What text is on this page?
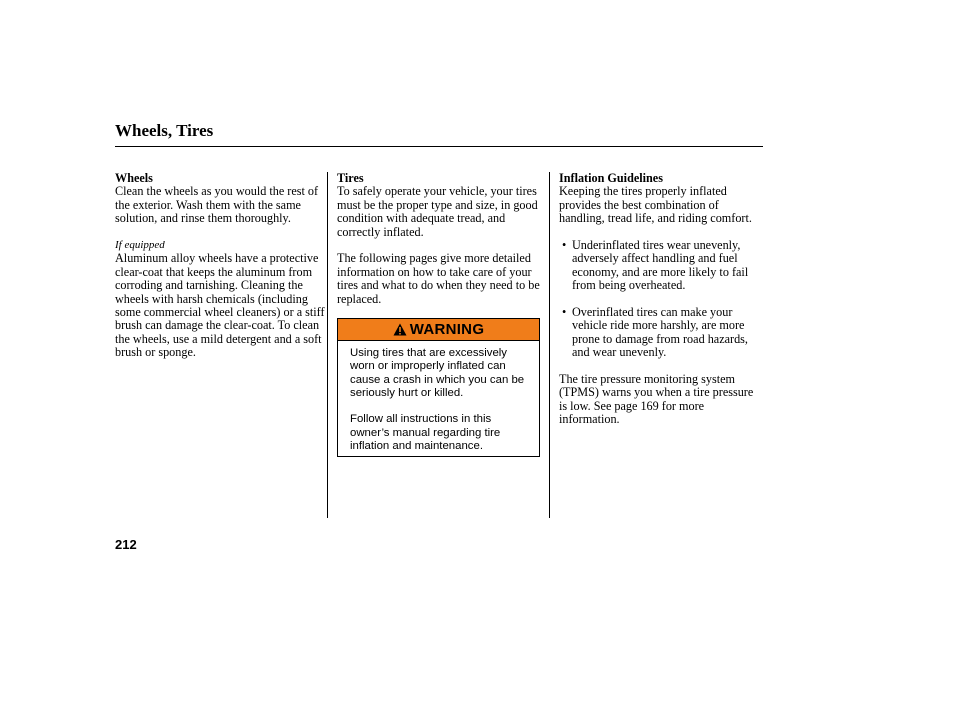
Wheels, Tires
Wheels

Clean the wheels as you would the rest of the exterior. Wash them with the same solution, and rinse them thoroughly.

If equipped

Aluminum alloy wheels have a protective clear-coat that keeps the aluminum from corroding and tarnishing. Cleaning the wheels with harsh chemicals (including some commercial wheel cleaners) or a stiff brush can damage the clear-coat. To clean the wheels, use a mild detergent and a soft brush or sponge.

Tires

To safely operate your vehicle, your tires must be the proper type and size, in good condition with adequate tread, and correctly inflated.

The following pages give more detailed information on how to take care of your tires and what to do when they need to be replaced.

WARNING

Using tires that are excessively worn or improperly inflated can cause a crash in which you can be seriously hurt or killed.

Follow all instructions in this owner’s manual regarding tire inflation and maintenance.

Inflation Guidelines

Keeping the tires properly inflated provides the best combination of handling, tread life, and riding comfort.

• Underinflated tires wear unevenly, adversely affect handling and fuel economy, and are more likely to fail from being overheated.
• Overinflated tires can make your vehicle ride more harshly, are more prone to damage from road hazards, and wear unevenly.

The tire pressure monitoring system (TPMS) warns you when a tire pressure is low. See page 169 for more information.

212
